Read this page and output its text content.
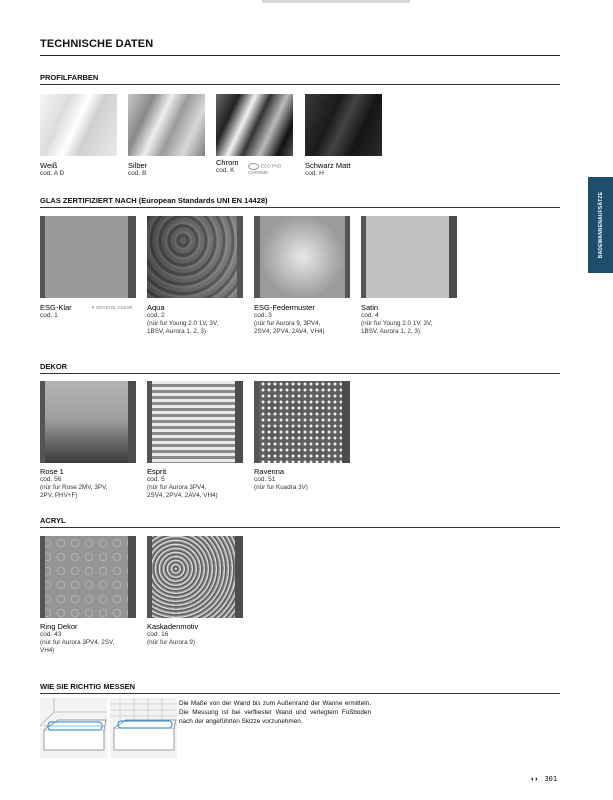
TECHNISCHE DATEN
BADEWANNENAUFSÄTZE
PROFILFARBEN
Weiß
cod. A D
Silber
cod. B
Chrom
cod. K
ECO PVD CHROME
Schwarz Matt
cod. H
GLAS ZERTIFIZIERT NACH (European Standards UNI EN 14428)
ESG-Klar
cod. 1
✦ CRYSTAL CLEAR Aqua
cod. 2
(nür fur Young 2.0 1V, 3V,
1BSV, Aurora 1, 2, 3)
ESG-Federmuster
cod. 3
(nür fur Aurora 9, 3PV4,
2SV4, 2PV4, 2AV4, VH4)
Satin
cod. 4
(nür fur Young 2.0 1V, 3V,
1BSV, Aurora 1, 2, 3)
DEKOR
Rose 1
cod. 56
(nür fur Rose 2MV, 3PV,
2PV, PHV+F)
Esprit
cod. 5
(nür fur Aurora 3PV4,
2SV4, 2PV4, 2AV4, VH4)
Ravenna
cod. 51
(nür fur Kuadra 3V)
ACRYL
Ring Dekor
cod. 43
(nür fur Aurora 3PV4, 2SV,
VH4)
Kaskadenmotiv
cod. 16
(nür fur Aurora 9)
WIE SIE RICHTIG MESSEN
Die Maße von der Wand bis zum Außenrand der Wanne ermitteln. Die Messung ist bei verfliester Wand und verlegtem Fußboden nach der angeführten Skizze vorzunehmen.
◖◗ 301
